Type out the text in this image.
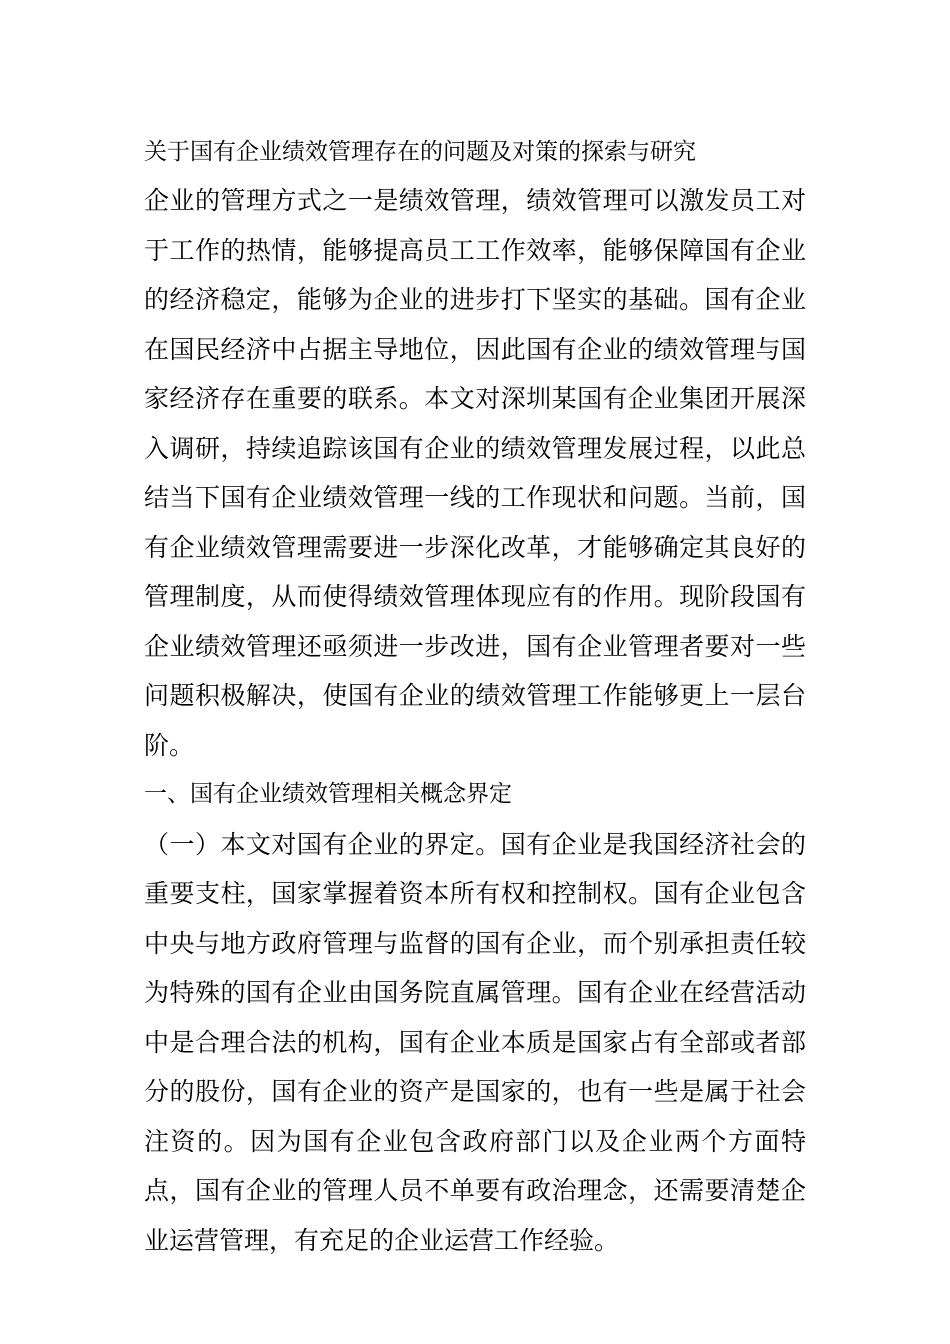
关于国有企业绩效管理存在的问题及对策的探索与研究

企业的管理方式之一是绩效管理，绩效管理可以激发员工对于工作的热情，能够提高员工工作效率，能够保障国有企业的经济稳定，能够为企业的进步打下坚实的基础。国有企业在国民经济中占据主导地位，因此国有企业的绩效管理与国家经济存在重要的联系。本文对深圳某国有企业集团开展深入调研，持续追踪该国有企业的绩效管理发展过程，以此总结当下国有企业绩效管理一线的工作现状和问题。当前，国有企业绩效管理需要进一步深化改革，才能够确定其良好的管理制度，从而使得绩效管理体现应有的作用。现阶段国有企业绩效管理还亟须进一步改进，国有企业管理者要对一些问题积极解决，使国有企业的绩效管理工作能够更上一层台阶。

一、国有企业绩效管理相关概念界定

（一）本文对国有企业的界定。国有企业是我国经济社会的重要支柱，国家掌握着资本所有权和控制权。国有企业包含中央与地方政府管理与监督的国有企业，而个别承担责任较为特殊的国有企业由国务院直属管理。国有企业在经营活动中是合理合法的机构，国有企业本质是国家占有全部或者部分的股份，国有企业的资产是国家的，也有一些是属于社会注资的。因为国有企业包含政府部门以及企业两个方面特点，国有企业的管理人员不单要有政治理念，还需要清楚企业运营管理，有充足的企业运营工作经验。
